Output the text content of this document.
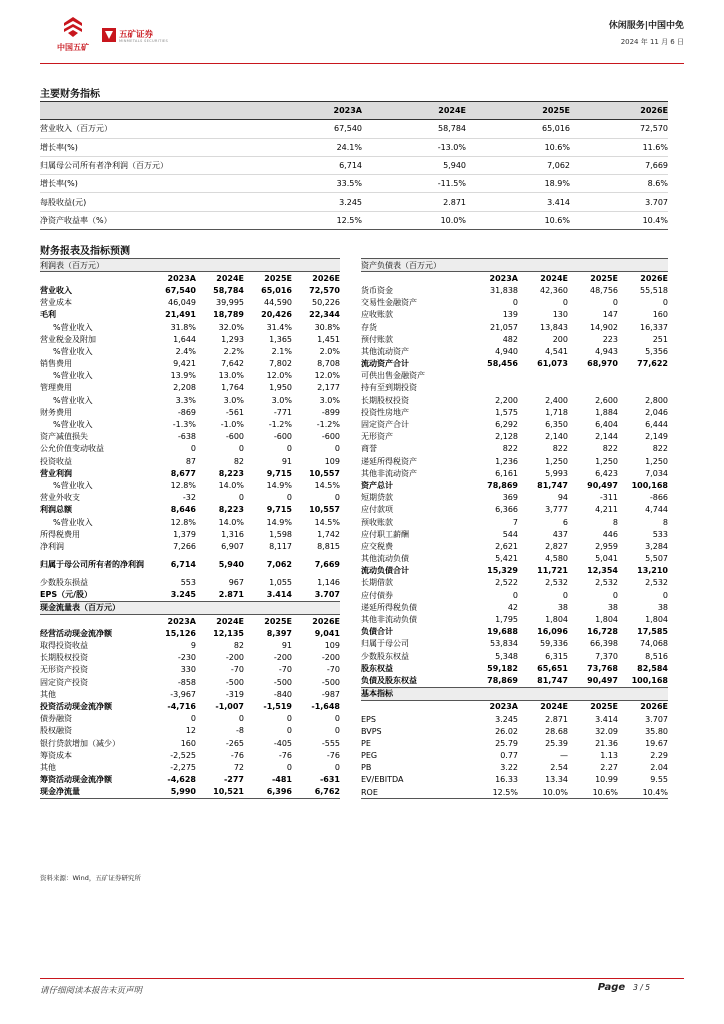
中国五矿
五矿证券
MINMETALS SECURITIES
休闲服务|中国中免
2024 年 11 月 6 日
主要财务指标
	2023A	2024E	2025E	2026E
营业收入（百万元）	67,540	58,784	65,016	72,570
增长率(%)	24.1%	-13.0%	10.6%	11.6%
归属母公司所有者净利润（百万元）	6,714	5,940	7,062	7,669
增长率(%)	33.5%	-11.5%	18.9%	8.6%
每股收益(元)	3.245	2.871	3.414	3.707
净资产收益率（%）	12.5%	10.0%	10.6%	10.4%
财务报表及指标预测
利润表（百万元）				
	2023A	2024E	2025E	2026E
营业收入	67,540	58,784	65,016	72,570
营业成本	46,049	39,995	44,590	50,226
毛利	21,491	18,789	20,426	22,344
%营业收入	31.8%	32.0%	31.4%	30.8%
营业税金及附加	1,644	1,293	1,365	1,451
%营业收入	2.4%	2.2%	2.1%	2.0%
销售费用	9,421	7,642	7,802	8,708
%营业收入	13.9%	13.0%	12.0%	12.0%
管理费用	2,208	1,764	1,950	2,177
%营业收入	3.3%	3.0%	3.0%	3.0%
财务费用	-869	-561	-771	-899
%营业收入	-1.3%	-1.0%	-1.2%	-1.2%
资产减值损失	-638	-600	-600	-600
公允价值变动收益	0	0	0	0
投资收益	87	82	91	109
营业利润	8,677	8,223	9,715	10,557
%营业收入	12.8%	14.0%	14.9%	14.5%
营业外收支	-32	0	0	0
利润总额	8,646	8,223	9,715	10,557
%营业收入	12.8%	14.0%	14.9%	14.5%
所得税费用	1,379	1,316	1,598	1,742
净利润	7,266	6,907	8,117	8,815
归属于母公司所有者的净利润	6,714	5,940	7,062	7,669
少数股东损益	553	967	1,055	1,146
EPS（元/股）	3.245	2.871	3.414	3.707
现金流量表（百万元）				
	2023A	2024E	2025E	2026E
经营活动现金流净额	15,126	12,135	8,397	9,041
取得投资收益	9	82	91	109
长期股权投资	-230	-200	-200	-200
无形资产投资	330	-70	-70	-70
固定资产投资	-858	-500	-500	-500
其他	-3,967	-319	-840	-987
投资活动现金流净额	-4,716	-1,007	-1,519	-1,648
债券融资	0	0	0	0
股权融资	12	-8	0	0
银行贷款增加（减少）	160	-265	-405	-555
筹资成本	-2,525	-76	-76	-76
其他	-2,275	72	0	0
筹资活动现金流净额	-4,628	-277	-481	-631
现金净流量	5,990	10,521	6,396	6,762
资产负债表（百万元）				
	2023A	2024E	2025E	2026E
货币资金	31,838	42,360	48,756	55,518
交易性金融资产	0	0	0	0
应收账款	139	130	147	160
存货	21,057	13,843	14,902	16,337
预付账款	482	200	223	251
其他流动资产	4,940	4,541	4,943	5,356
流动资产合计	58,456	61,073	68,970	77,622
可供出售金融资产				
持有至到期投资				
长期股权投资	2,200	2,400	2,600	2,800
投资性房地产	1,575	1,718	1,884	2,046
固定资产合计	6,292	6,350	6,404	6,444
无形资产	2,128	2,140	2,144	2,149
商誉	822	822	822	822
递延所得税资产	1,236	1,250	1,250	1,250
其他非流动资产	6,161	5,993	6,423	7,034
资产总计	78,869	81,747	90,497	100,168
短期贷款	369	94	-311	-866
应付款项	6,366	3,777	4,211	4,744
预收账款	7	6	8	8
应付职工薪酬	544	437	446	533
应交税费	2,621	2,827	2,959	3,284
其他流动负债	5,421	4,580	5,041	5,507
流动负债合计	15,329	11,721	12,354	13,210
长期借款	2,522	2,532	2,532	2,532
应付债券	0	0	0	0
递延所得税负债	42	38	38	38
其他非流动负债	1,795	1,804	1,804	1,804
负债合计	19,688	16,096	16,728	17,585
归属于母公司	53,834	59,336	66,398	74,068
少数股东权益	5,348	6,315	7,370	8,516
股东权益	59,182	65,651	73,768	82,584
负债及股东权益	78,869	81,747	90,497	100,168
基本指标				
	2023A	2024E	2025E	2026E
EPS	3.245	2.871	3.414	3.707
BVPS	26.02	28.68	32.09	35.80
PE	25.79	25.39	21.36	19.67
PEG	0.77	—	1.13	2.29
PB	3.22	2.54	2.27	2.04
EV/EBITDA	16.33	13.34	10.99	9.55
ROE	12.5%	10.0%	10.6%	10.4%
资料来源：Wind，五矿证券研究所
请仔细阅读本报告末页声明	Page 3 / 5
